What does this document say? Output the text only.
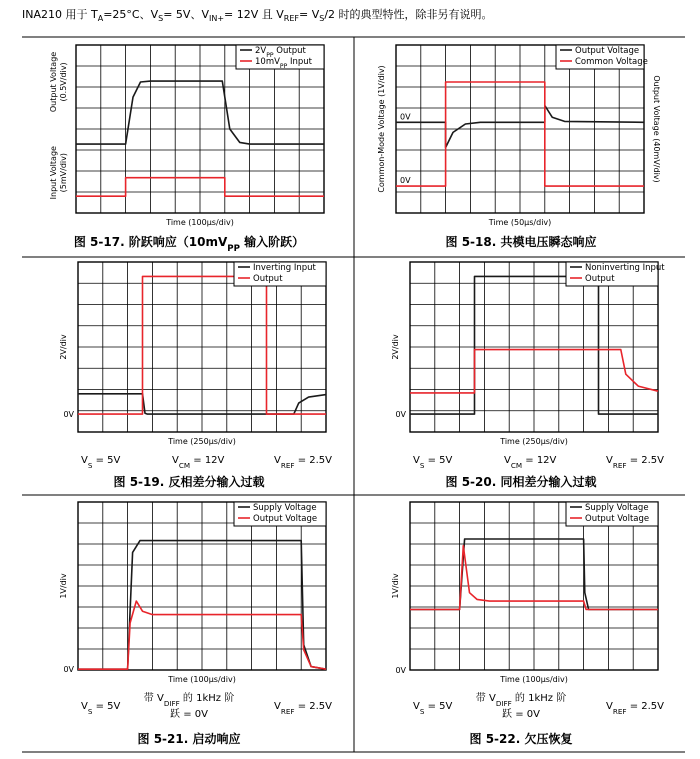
INA210 用于 $T_A=25^\circ C$、$V_S= 5V$、$V_{IN+}= 12V$ 且 $V_{REF}= V_S/2$ 时的典型特性，除非另有说明。
$2V_{PP}$ Output
$10mV_{PP}$ Input
Time (100µs/div)
Output Voltage (0.5V/div)
Input Voltage (5mV/div)
图 5-17. 阶跃响应（$10mV_{PP}$ 输入阶跃）
Output Voltage
Common Voltage
Time (50µs/div)
Common-Mode Voltage (1V/div)	Output Voltage (40mV/div)
0V
0V
图 5-18. 共模电压瞬态响应
Inverting Input
Output
Time (250µs/div)
2V/div
0V
$V_S = 5V$	$V_{CM} = 12V$	$V_{REF} = 2.5V$
图 5-19. 反相差分输入过载
Noninverting Input
Output
Time (250µs/div)
2V/div
0V
$V_S = 5V$	$V_{CM} = 12V$	$V_{REF} = 2.5V$
图 5-20. 同相差分输入过载
Supply Voltage
Output Voltage
Time (100µs/div)
1V/div
0V
$V_S = 5V$
带 $V_{DIFF}$ 的 1kHz 阶
跃 = 0V
$V_{REF} = 2.5V$
图 5-21. 启动响应
Supply Voltage
Output Voltage
Time (100µs/div)
1V/div
0V
$V_S = 5V$
带 $V_{DIFF}$ 的 1kHz 阶
跃 = 0V
$V_{REF} = 2.5V$
图 5-22. 欠压恢复
